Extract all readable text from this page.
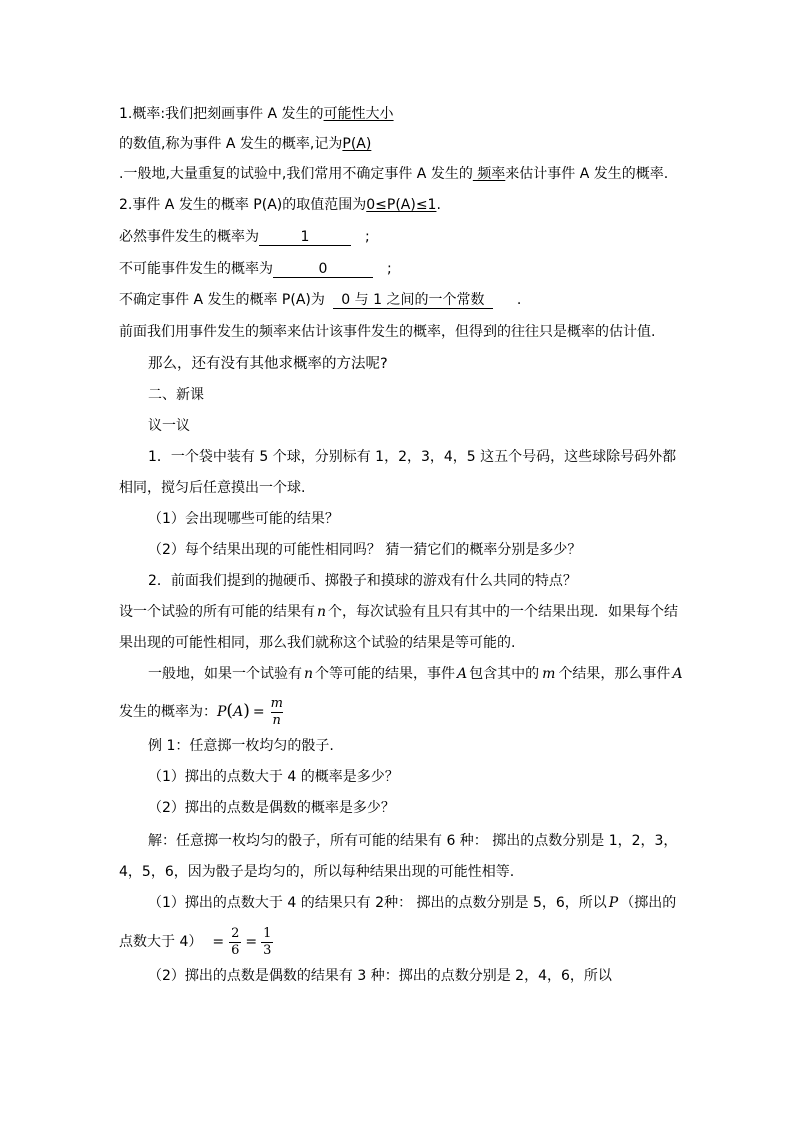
1.概率:我们把刻画事件 A 发生的可能性大小
的数值,称为事件 A 发生的概率,记为P(A)
.一般地,大量重复的试验中,我们常用不确定事件 A 发生的 频率来估计事件 A 发生的概率.
2.事件 A 发生的概率 P(A)的取值范围为0≤P(A)≤1.
必然事件发生的概率为	1	;
不可能事件发生的概率为	0	;
不确定事件 A 发生的概率 P(A)为 0 与 1 之间的一个常数 .
前面我们用事件发生的频率来估计该事件发生的概率，但得到的往往只是概率的估计值.
那么，还有没有其他求概率的方法呢?
二、新课
议一议
1．一个袋中装有 5 个球，分别标有 1，2，3，4，5 这五个号码，这些球除号码外都
相同，搅匀后任意摸出一个球.
（1）会出现哪些可能的结果？
（2）每个结果出现的可能性相同吗？ 猜一猜它们的概率分别是多少？
2．前面我们提到的抛硬币、掷骰子和摸球的游戏有什么共同的特点？
设一个试验的所有可能的结果有 n 个，每次试验有且只有其中的一个结果出现．如果每个结
果出现的可能性相同，那么我们就称这个试验的结果是等可能的.
一般地，如果一个试验有 n 个等可能的结果，事件 A 包含其中的 m 个结果，那么事件 A
发生的概率为：$P(A) = \frac{m}{n}$
例 1：任意掷一枚均匀的骰子.
（1）掷出的点数大于 4 的概率是多少？
（2）掷出的点数是偶数的概率是多少？
解：任意掷一枚均匀的骰子，所有可能的结果有 6 种： 掷出的点数分别是 1，2，3，
4，5，6，因为骰子是均匀的，所以每种结果出现的可能性相等.
（1）掷出的点数大于 4 的结果只有 2种： 掷出的点数分别是 5，6，所以 P （掷出的
点数大于 $4) = \frac{2}{6} = \frac{1}{3}$
（2）掷出的点数是偶数的结果有 3 种：掷出的点数分别是 2，4，6，所以
